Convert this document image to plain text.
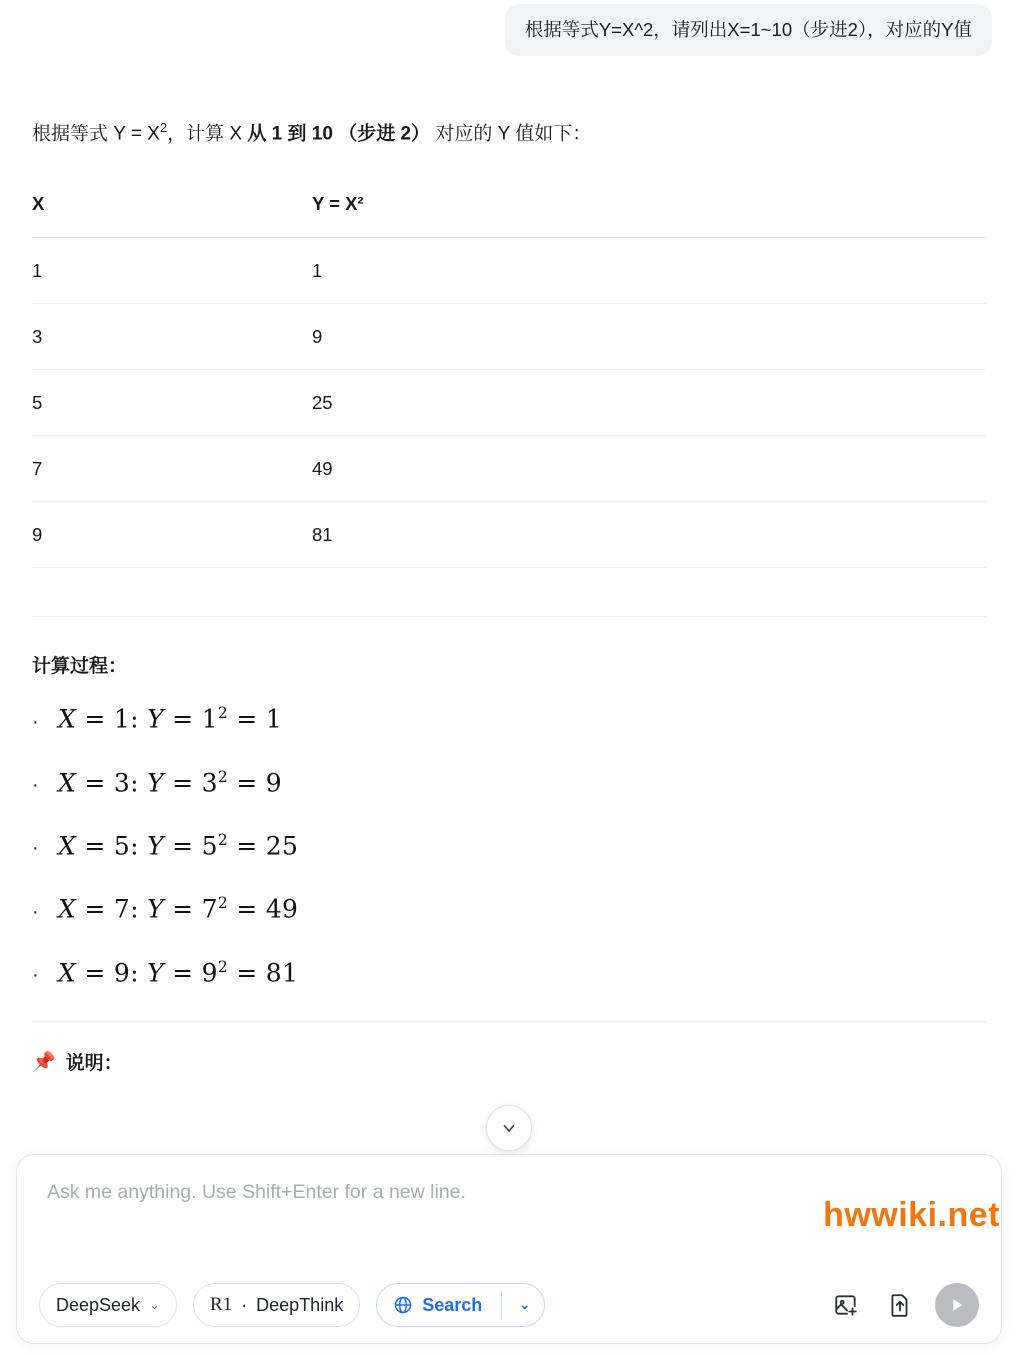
根据等式Y=X^2，请列出X=1~10（步进2），对应的Y值

根据等式 $Y = X^2$，计算 X 从 1 到 10 （步进 2） 对应的 Y 值如下：

X	Y = X²
1	1
3	9
5	25
7	49
9	81
计算过程：
· X = 1: $Y = 1^2 = 1$
· X = 3: $Y = 3^2 = 9$
· X = 5: $Y = 5^2 = 25$
· X = 7: $Y = 7^2 = 49$
· X = 9: $Y = 9^2 = 81$
📌 说明：
hwwiki.net
Ask me anything. Use Shift+Enter for a new line.
DeepSeek ⌄	R1 · DeepThink	Search	⌄
